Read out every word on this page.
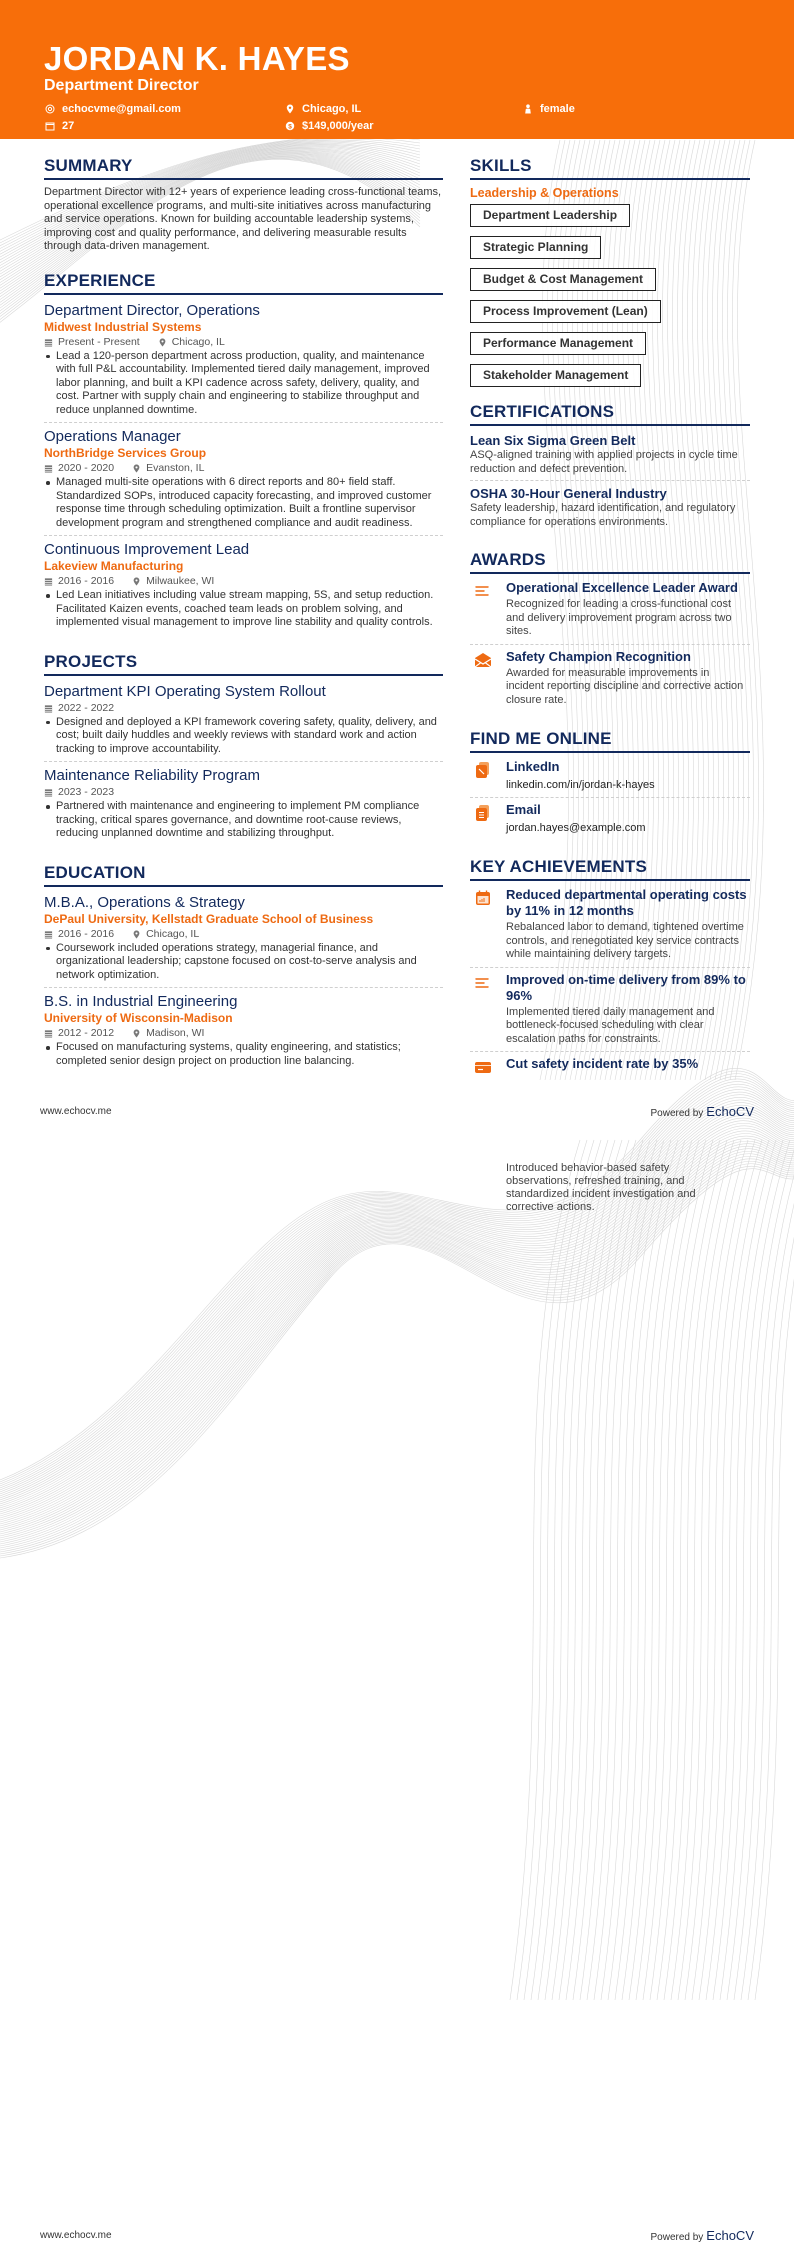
JORDAN K. HAYES
Department Director
echocvme@gmail.com	Chicago, IL	female
27	$ $149,000/year
SUMMARY

Department Director with 12+ years of experience leading cross-functional teams, operational excellence programs, and multi-site initiatives across manufacturing and service operations. Known for building accountable leadership systems, improving cost and quality performance, and delivering measurable results through data-driven management.

EXPERIENCE
Department Director, Operations
Midwest Industrial Systems
Present - Present	Chicago, IL
Lead a 120-person department across production, quality, and maintenance with full P&L accountability. Implemented tiered daily management, improved labor planning, and built a KPI cadence across safety, delivery, quality, and cost. Partner with supply chain and engineering to stabilize throughput and reduce unplanned downtime.
Operations Manager
NorthBridge Services Group
2020 - 2020	Evanston, IL
Managed multi-site operations with 6 direct reports and 80+ field staff. Standardized SOPs, introduced capacity forecasting, and improved customer response time through scheduling optimization. Built a frontline supervisor development program and strengthened compliance and audit readiness.
Continuous Improvement Lead
Lakeview Manufacturing
2016 - 2016	Milwaukee, WI
Led Lean initiatives including value stream mapping, 5S, and setup reduction. Facilitated Kaizen events, coached team leads on problem solving, and implemented visual management to improve line stability and quality controls.
PROJECTS
Department KPI Operating System Rollout
2022 - 2022
Designed and deployed a KPI framework covering safety, quality, delivery, and cost; built daily huddles and weekly reviews with standard work and action tracking to improve accountability.
Maintenance Reliability Program
2023 - 2023
Partnered with maintenance and engineering to implement PM compliance tracking, critical spares governance, and downtime root-cause reviews, reducing unplanned downtime and stabilizing throughput.
EDUCATION
M.B.A., Operations & Strategy
DePaul University, Kellstadt Graduate School of Business
2016 - 2016	Chicago, IL
Coursework included operations strategy, managerial finance, and organizational leadership; capstone focused on cost-to-serve analysis and network optimization.
B.S. in Industrial Engineering
University of Wisconsin-Madison
2012 - 2012	Madison, WI
Focused on manufacturing systems, quality engineering, and statistics; completed senior design project on production line balancing.
SKILLS
Leadership & Operations
Department Leadership
Strategic Planning
Budget & Cost Management
Process Improvement (Lean)
Performance Management
Stakeholder Management
CERTIFICATIONS
Lean Six Sigma Green Belt
ASQ-aligned training with applied projects in cycle time reduction and defect prevention.
OSHA 30-Hour General Industry
Safety leadership, hazard identification, and regulatory compliance for operations environments.
AWARDS
Operational Excellence Leader Award
Recognized for leading a cross-functional cost and delivery improvement program across two sites.
Safety Champion Recognition
Awarded for measurable improvements in incident reporting discipline and corrective action closure rate.
FIND ME ONLINE
LinkedIn
linkedin.com/in/jordan-k-hayes
Email
jordan.hayes@example.com
KEY ACHIEVEMENTS
Reduced departmental operating costs by 11% in 12 months
Rebalanced labor to demand, tightened overtime controls, and renegotiated key service contracts while maintaining delivery targets.
Improved on-time delivery from 89% to 96%
Implemented tiered daily management and bottleneck-focused scheduling with clear escalation paths for constraints.
Cut safety incident rate by 35%
www.echocv.me	Powered by EchoCV
Introduced behavior-based safety observations, refreshed training, and standardized incident investigation and corrective actions.
www.echocv.me	Powered by EchoCV
